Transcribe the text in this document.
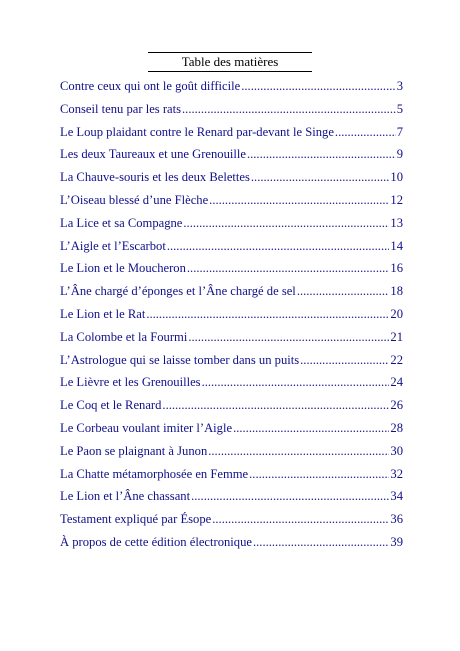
Table des matières
Contre ceux qui ont le goût difficile .....	3
Conseil tenu par les rats .....	5
Le Loup plaidant contre le Renard par-devant le Singe .....	7
Les deux Taureaux et une Grenouille .....	9
La Chauve-souris et les deux Belettes .....	10
L’Oiseau blessé d’une Flèche .....	12
La Lice et sa Compagne .....	13
L’Aigle et l’Escarbot .....	14
Le Lion et le Moucheron .....	16
L’Âne chargé d’éponges et l’Âne chargé de sel .....	18
Le Lion et le Rat .....	20
La Colombe et la Fourmi .....	21
L’Astrologue qui se laisse tomber dans un puits .....	22
Le Lièvre et les Grenouilles .....	24
Le Coq et le Renard .....	26
Le Corbeau voulant imiter l’Aigle .....	28
Le Paon se plaignant à Junon .....	30
La Chatte métamorphosée en Femme .....	32
Le Lion et l’Âne chassant .....	34
Testament expliqué par Ésope .....	36
À propos de cette édition électronique .....	39
